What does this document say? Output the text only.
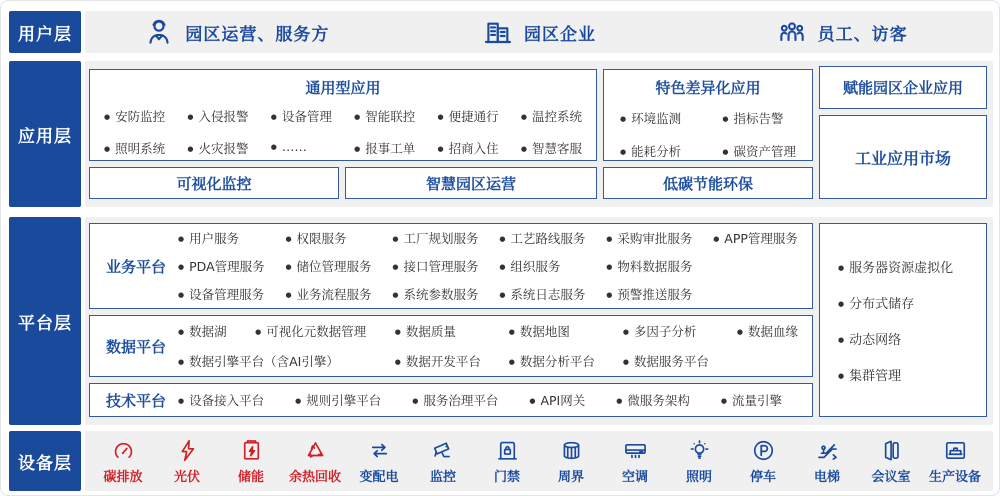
用户层	园区运营、服务方	园区企业	员工、访客
应用层
通用型应用
● 安防监控	● 入侵报警	● 设备管理	● 智能联控	● 便捷通行	● 温控系统
● 照明系统	● 火灾报警	● ……	● 报事工单	● 招商入住	● 智慧客服
特色差异化应用
● 环境监测	● 指标告警
● 能耗分析	● 碳资产管理
可视化监控	智慧园区运营	低碳节能环保
赋能园区企业应用
工业应用市场
平台层
业务平台
● 用户服务	● 权限服务	● 工厂规划服务	● 工艺路线服务	● 采购审批服务	● APP管理服务
● PDA管理服务	● 储位管理服务	● 接口管理服务	● 组织服务	● 物料数据服务
● 设备管理服务	● 业务流程服务	● 系统参数服务	● 系统日志服务	● 预警推送服务
数据平台
● 数据湖	● 可视化元数据管理	● 数据质量	● 数据地图	● 多因子分析	● 数据血缘
● 数据引擎平台（含AI引擎）	● 数据开发平台	● 数据分析平台	● 数据服务平台
技术平台	● 设备接入平台	● 规则引擎平台	● 服务治理平台	● API网关	● 微服务架构	● 流量引擎
● 服务器资源虚拟化
● 分布式储存
● 动态网络
● 集群管理
设备层
碳排放 光伏	储能 余热回收 变配电 监控	门禁	周界	空调	照明	停车	电梯 会议室 生产设备
